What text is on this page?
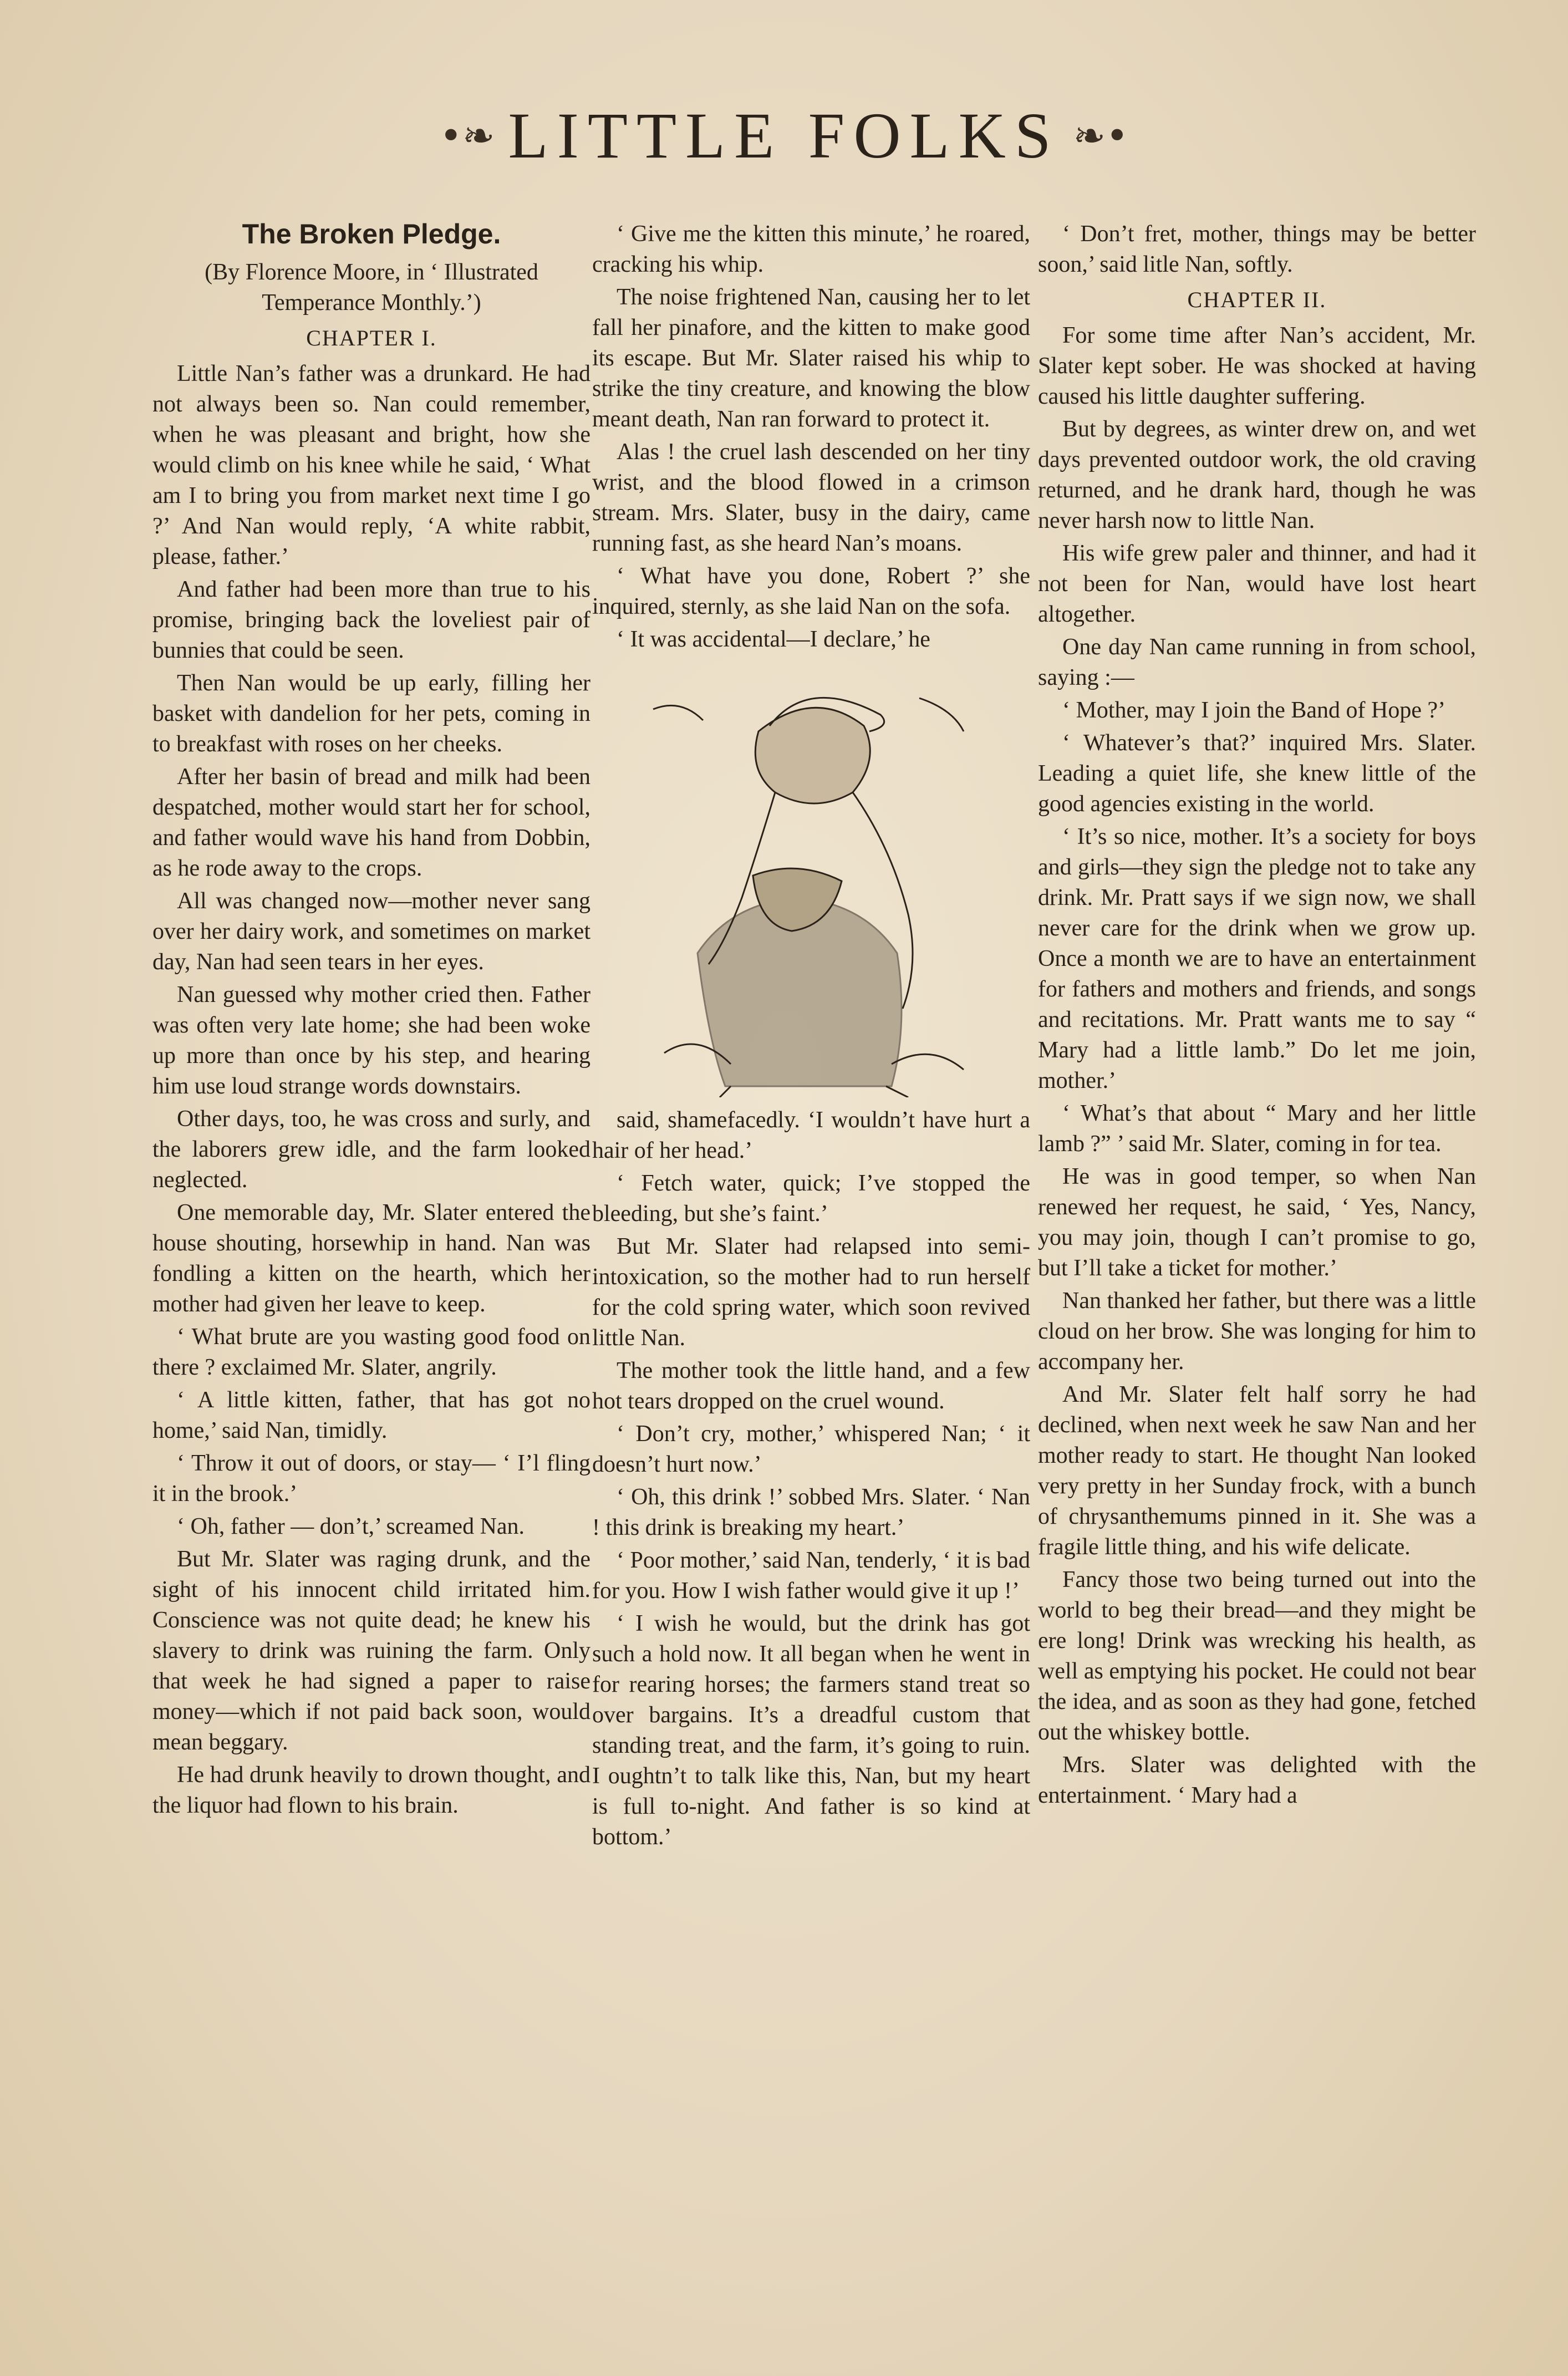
•❧ LITTLE FOLKS ❧•
The Broken Pledge.
(By Florence Moore, in ‘ Illustrated Temperance Monthly.’)
CHAPTER I.

Little Nan’s father was a drunkard. He had not always been so. Nan could remember, when he was pleasant and bright, how she would climb on his knee while he said, ‘ What am I to bring you from market next time I go ?’ And Nan would reply, ‘A white rabbit, please, father.’

And father had been more than true to his promise, bringing back the loveliest pair of bunnies that could be seen.

Then Nan would be up early, filling her basket with dandelion for her pets, coming in to breakfast with roses on her cheeks.

After her basin of bread and milk had been despatched, mother would start her for school, and father would wave his hand from Dobbin, as he rode away to the crops.

All was changed now—mother never sang over her dairy work, and sometimes on market day, Nan had seen tears in her eyes.

Nan guessed why mother cried then. Father was often very late home; she had been woke up more than once by his step, and hearing him use loud strange words downstairs.

Other days, too, he was cross and surly, and the laborers grew idle, and the farm looked neglected.

One memorable day, Mr. Slater entered the house shouting, horsewhip in hand. Nan was fondling a kitten on the hearth, which her mother had given her leave to keep.

‘ What brute are you wasting good food on there ? exclaimed Mr. Slater, angrily.

‘ A little kitten, father, that has got no home,’ said Nan, timidly.

‘ Throw it out of doors, or stay— ‘ I’l fling it in the brook.’

‘ Oh, father — don’t,’ screamed Nan.

But Mr. Slater was raging drunk, and the sight of his innocent child irritated him. Conscience was not quite dead; he knew his slavery to drink was ruining the farm. Only that week he had signed a paper to raise money—which if not paid back soon, would mean beggary.

He had drunk heavily to drown thought, and the liquor had flown to his brain.

‘ Give me the kitten this minute,’ he roared, cracking his whip.

The noise frightened Nan, causing her to let fall her pinafore, and the kitten to make good its escape. But Mr. Slater raised his whip to strike the tiny creature, and knowing the blow meant death, Nan ran forward to protect it.

Alas ! the cruel lash descended on her tiny wrist, and the blood flowed in a crimson stream. Mrs. Slater, busy in the dairy, came running fast, as she heard Nan’s moans.

‘ What have you done, Robert ?’ she inquired, sternly, as she laid Nan on the sofa.

‘ It was accidental—I declare,’ he

said, shamefacedly. ‘I wouldn’t have hurt a hair of her head.’

‘ Fetch water, quick; I’ve stopped the bleeding, but she’s faint.’

But Mr. Slater had relapsed into semi-intoxication, so the mother had to run herself for the cold spring water, which soon revived little Nan.

The mother took the little hand, and a few hot tears dropped on the cruel wound.

‘ Don’t cry, mother,’ whispered Nan; ‘ it doesn’t hurt now.’

‘ Oh, this drink !’ sobbed Mrs. Slater. ‘ Nan ! this drink is breaking my heart.’

‘ Poor mother,’ said Nan, tenderly, ‘ it is bad for you. How I wish father would give it up !’

‘ I wish he would, but the drink has got such a hold now. It all began when he went in for rearing horses; the farmers stand treat so over bargains. It’s a dreadful custom that standing treat, and the farm, it’s going to ruin. I oughtn’t to talk like this, Nan, but my heart is full to-night. And father is so kind at bottom.’

‘ Don’t fret, mother, things may be better soon,’ said litle Nan, softly.

CHAPTER II.

For some time after Nan’s accident, Mr. Slater kept sober. He was shocked at having caused his little daughter suffering.

But by degrees, as winter drew on, and wet days prevented outdoor work, the old craving returned, and he drank hard, though he was never harsh now to little Nan.

His wife grew paler and thinner, and had it not been for Nan, would have lost heart altogether.

One day Nan came running in from school, saying :—

‘ Mother, may I join the Band of Hope ?’

‘ Whatever’s that?’ inquired Mrs. Slater. Leading a quiet life, she knew little of the good agencies existing in the world.

‘ It’s so nice, mother. It’s a society for boys and girls—they sign the pledge not to take any drink. Mr. Pratt says if we sign now, we shall never care for the drink when we grow up. Once a month we are to have an entertainment for fathers and mothers and friends, and songs and recitations. Mr. Pratt wants me to say “ Mary had a little lamb.” Do let me join, mother.’

‘ What’s that about “ Mary and her little lamb ?” ’ said Mr. Slater, coming in for tea.

He was in good temper, so when Nan renewed her request, he said, ‘ Yes, Nancy, you may join, though I can’t promise to go, but I’ll take a ticket for mother.’

Nan thanked her father, but there was a little cloud on her brow. She was longing for him to accompany her.

And Mr. Slater felt half sorry he had declined, when next week he saw Nan and her mother ready to start. He thought Nan looked very pretty in her Sunday frock, with a bunch of chrysanthemums pinned in it. She was a fragile little thing, and his wife delicate.

Fancy those two being turned out into the world to beg their bread—and they might be ere long! Drink was wrecking his health, as well as emptying his pocket. He could not bear the idea, and as soon as they had gone, fetched out the whiskey bottle.

Mrs. Slater was delighted with the entertainment. ‘ Mary had a
